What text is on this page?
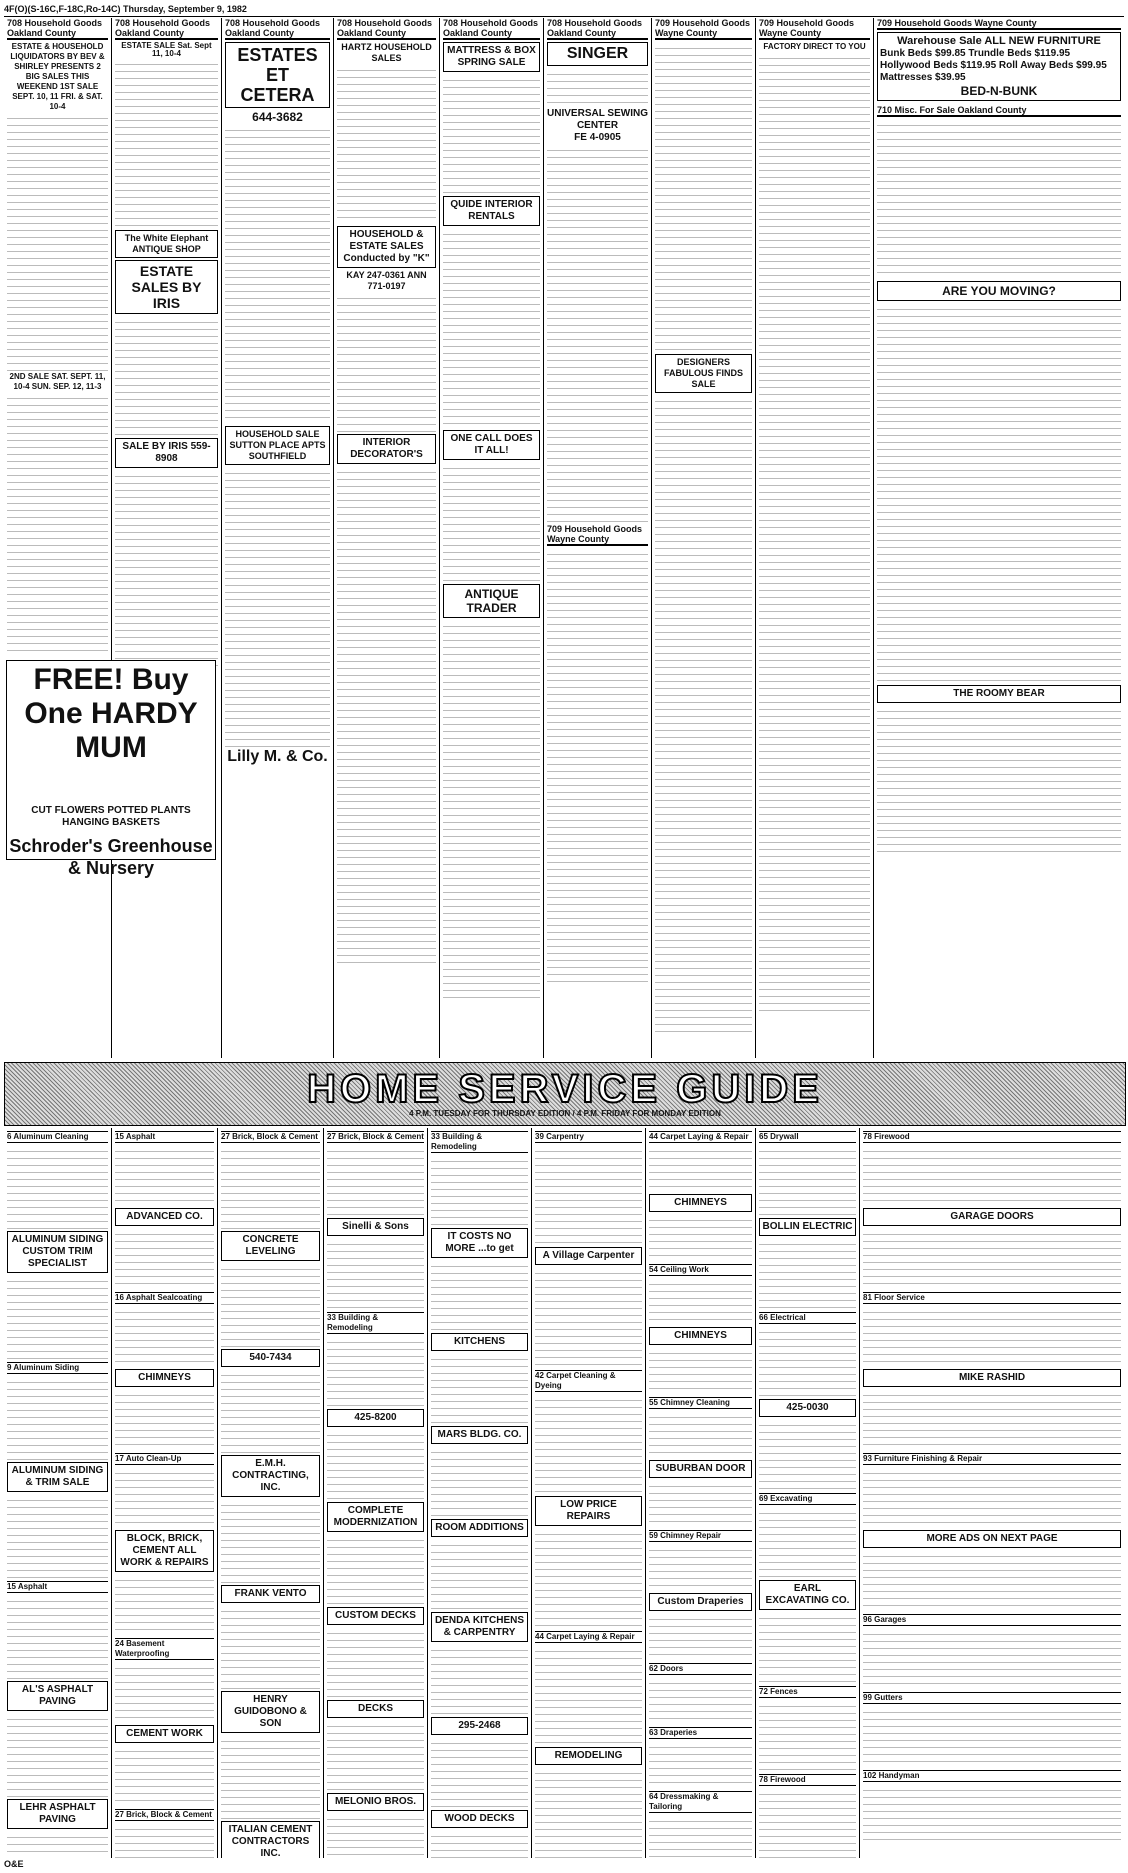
4F(O)(S-16C,F-18C,Ro-14C) Thursday, September 9, 1982
708 Household Goods Oakland County
ESTATE & HOUSEHOLD LIQUIDATORS BY BEV & SHIRLEY PRESENTS 2 BIG SALES THIS WEEKEND 1ST SALE SEPT. 10, 11 FRI. & SAT. 10-4
2ND SALE SAT. SEPT. 11, 10-4 SUN. SEP. 12, 11-3
708 Household Goods Oakland County
ESTATE SALE Sat. Sept 11, 10-4
The White Elephant ANTIQUE SHOP
ESTATE SALES BY IRIS
SALE BY IRIS 559-8908
FREE! Buy One HARDY MUM
CUT FLOWERS POTTED PLANTS HANGING BASKETS
Schroder's Greenhouse & Nursery
708 Household Goods Oakland County
ESTATES ET CETERA
644-3682
HOUSEHOLD SALE SUTTON PLACE APTS SOUTHFIELD
Lilly M. & Co.
708 Household Goods Oakland County
HARTZ HOUSEHOLD SALES
HOUSEHOLD & ESTATE SALES Conducted by "K"
KAY 247-0361 ANN 771-0197
INTERIOR DECORATOR'S
708 Household Goods Oakland County
MATTRESS & BOX SPRING SALE
QUIDE INTERIOR RENTALS
ONE CALL DOES IT ALL!
ANTIQUE TRADER
708 Household Goods Oakland County
SINGER
UNIVERSAL SEWING CENTER
FE 4-0905
709 Household Goods Wayne County
709 Household Goods Wayne County
DESIGNERS FABULOUS FINDS SALE
709 Household Goods Wayne County
FACTORY DIRECT TO YOU
709 Household Goods Wayne County
Warehouse Sale ALL NEW FURNITURE
Bunk Beds $99.85 Trundle Beds $119.95 Hollywood Beds $119.95 Roll Away Beds $99.95 Mattresses $39.95
BED-N-BUNK
710 Misc. For Sale Oakland County
ARE YOU MOVING?
THE ROOMY BEAR
HOME SERVICE GUIDE
4 P.M. TUESDAY FOR THURSDAY EDITION / 4 P.M. FRIDAY FOR MONDAY EDITION
6 Aluminum Cleaning
ALUMINUM SIDING CUSTOM TRIM SPECIALIST
9 Aluminum Siding
ALUMINUM SIDING & TRIM SALE
15 Asphalt
AL'S ASPHALT PAVING
LEHR ASPHALT PAVING
15 Asphalt
ADVANCED CO.
16 Asphalt Sealcoating
CHIMNEYS
17 Auto Clean-Up
BLOCK, BRICK, CEMENT ALL WORK & REPAIRS
24 Basement Waterproofing
CEMENT WORK
27 Brick, Block & Cement
27 Brick, Block & Cement
CONCRETE LEVELING
540-7434
E.M.H. CONTRACTING, INC.
FRANK VENTO
HENRY GUIDOBONO & SON
ITALIAN CEMENT CONTRACTORS INC.
27 Brick, Block & Cement
Sinelli & Sons
33 Building & Remodeling
425-8200
COMPLETE MODERNIZATION
CUSTOM DECKS
DECKS
MELONIO BROS.
33 Building & Remodeling
IT COSTS NO MORE ...to get
KITCHENS
MARS BLDG. CO.
ROOM ADDITIONS
DENDA KITCHENS & CARPENTRY
295-2468
WOOD DECKS
39 Carpentry
A Village Carpenter
42 Carpet Cleaning & Dyeing
LOW PRICE REPAIRS
44 Carpet Laying & Repair
REMODELING
44 Carpet Laying & Repair
CHIMNEYS
54 Ceiling Work
CHIMNEYS
55 Chimney Cleaning
SUBURBAN DOOR
59 Chimney Repair
Custom Draperies
62 Doors
63 Draperies
64 Dressmaking & Tailoring
65 Drywall
BOLLIN ELECTRIC
66 Electrical
425-0030
69 Excavating
EARL EXCAVATING CO.
72 Fences
78 Firewood
78 Firewood
GARAGE DOORS
81 Floor Service
MIKE RASHID
93 Furniture Finishing & Repair
MORE ADS ON NEXT PAGE
96 Garages
99 Gutters
102 Handyman
O&E
